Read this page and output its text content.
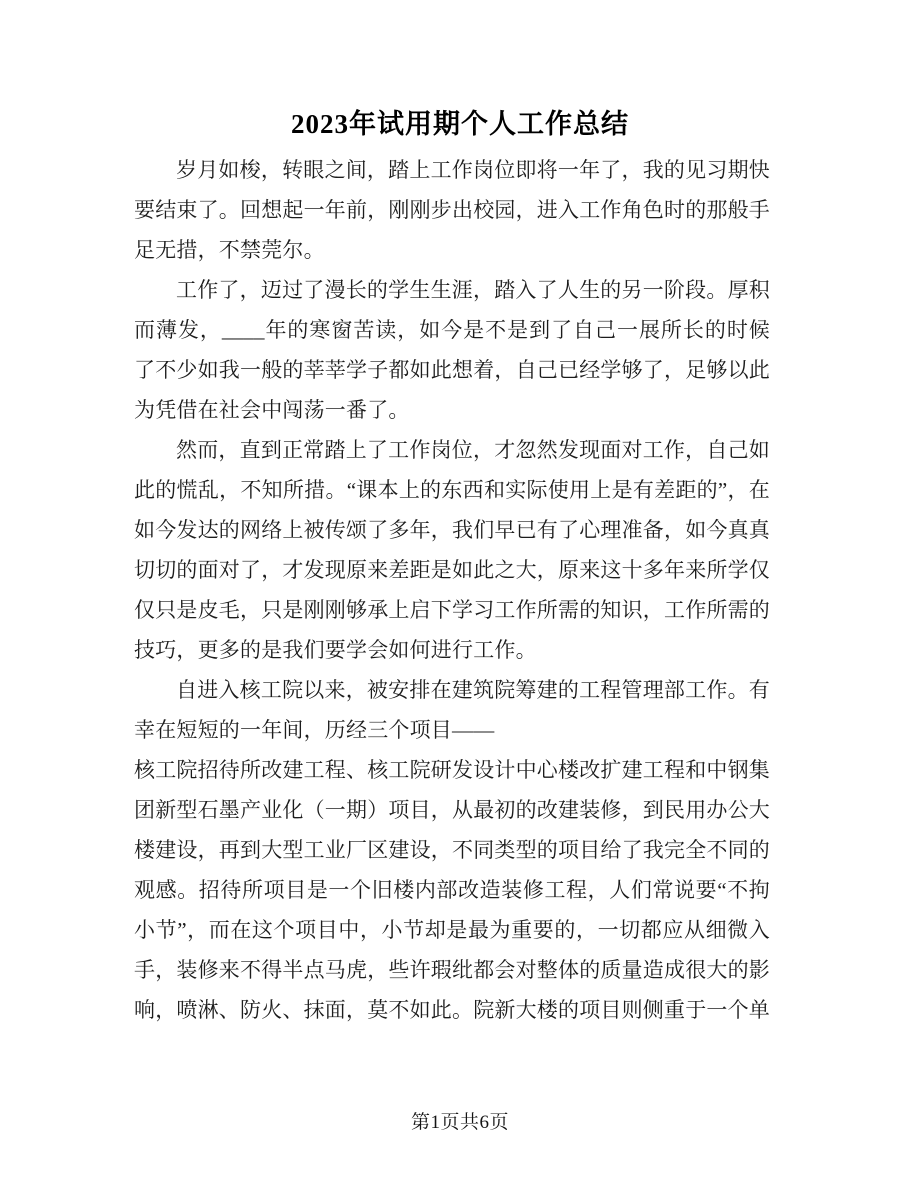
2023年试用期个人工作总结

岁月如梭，转眼之间，踏上工作岗位即将一年了，我的见习期快要结束了。回想起一年前，刚刚步出校园，进入工作角色时的那般手足无措，不禁莞尔。

工作了，迈过了漫长的学生生涯，踏入了人生的另一阶段。厚积而薄发，____年的寒窗苦读，如今是不是到了自己一展所长的时候了不少如我一般的莘莘学子都如此想着，自己已经学够了，足够以此为凭借在社会中闯荡一番了。

然而，直到正常踏上了工作岗位，才忽然发现面对工作，自己如此的慌乱，不知所措。“课本上的东西和实际使用上是有差距的”，在如今发达的网络上被传颂了多年，我们早已有了心理准备，如今真真切切的面对了，才发现原来差距是如此之大，原来这十多年来所学仅仅只是皮毛，只是刚刚够承上启下学习工作所需的知识，工作所需的技巧，更多的是我们要学会如何进行工作。

自进入核工院以来，被安排在建筑院筹建的工程管理部工作。有幸在短短的一年间，历经三个项目——

核工院招待所改建工程、核工院研发设计中心楼改扩建工程和中钢集团新型石墨产业化（一期）项目，从最初的改建装修，到民用办公大楼建设，再到大型工业厂区建设，不同类型的项目给了我完全不同的观感。招待所项目是一个旧楼内部改造装修工程，人们常说要“不拘小节”，而在这个项目中，小节却是最为重要的，一切都应从细微入手，装修来不得半点马虎，些许瑕纰都会对整体的质量造成很大的影响，喷淋、防火、抹面，莫不如此。院新大楼的项目则侧重于一个单

第1页共6页
